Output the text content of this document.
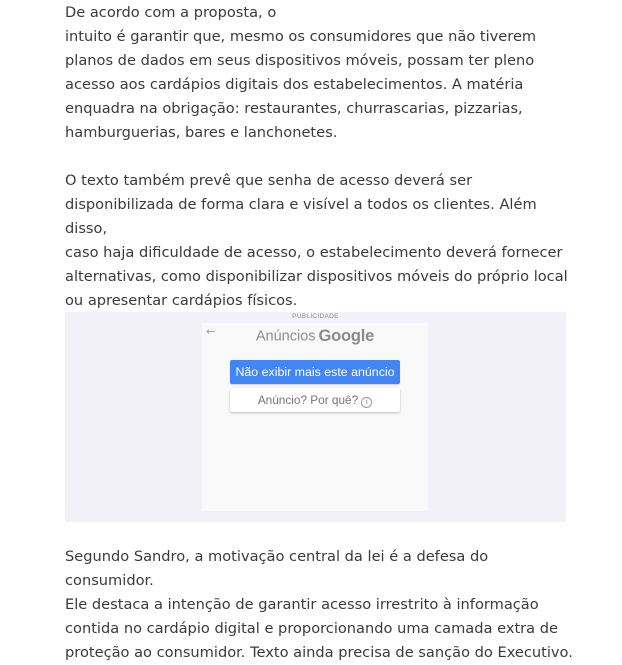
De acordo com a proposta, o
intuito é garantir que, mesmo os consumidores que não tiverem
planos de dados em seus dispositivos móveis, possam ter pleno
acesso aos cardápios digitais dos estabelecimentos. A matéria
enquadra na obrigação: restaurantes, churrascarias, pizzarias,
hamburguerias, bares e lanchonetes.

O texto também prevê que senha de acesso deverá ser
disponibilizada de forma clara e visível a todos os clientes. Além disso,
caso haja dificuldade de acesso, o estabelecimento deverá fornecer
alternativas, como disponibilizar dispositivos móveis do próprio local
ou apresentar cardápios físicos.

Segundo Sandro, a motivação central da lei é a defesa do consumidor.
Ele destaca a intenção de garantir acesso irrestrito à informação
contida no cardápio digital e proporcionando uma camada extra de
proteção ao consumidor. Texto ainda precisa de sanção do Executivo.

PUBLICIDADE
←	Anúncios Google
Não exibir mais este anúncio
Anúncio? Por quê? i
